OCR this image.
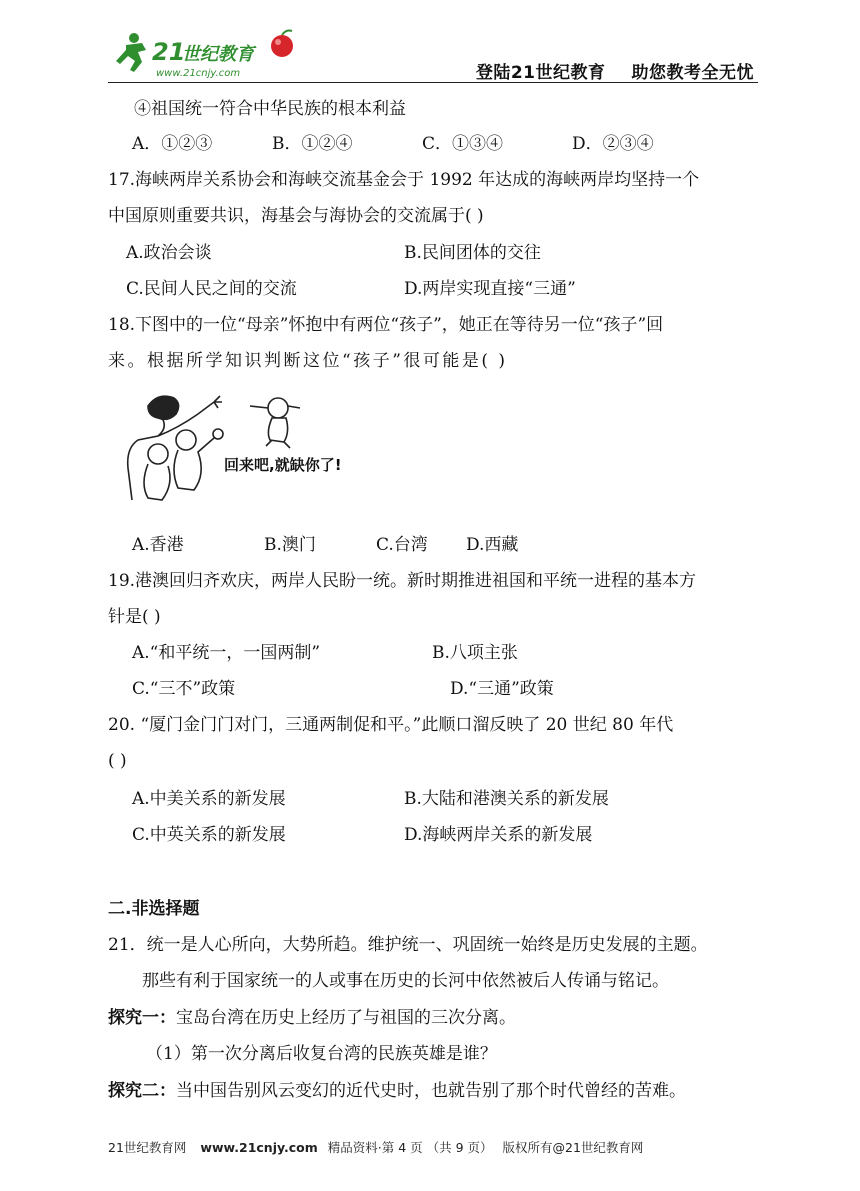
21
世纪教育
www.21cnjy.com	登陆21世纪教育 助您教考全无忧
④祖国统一符合中华民族的根本利益
A．①②③	B．①②④	C．①③④	D．②③④
17.海峡两岸关系协会和海峡交流基金会于 1992 年达成的海峡两岸均坚持一个
中国原则重要共识，海基会与海协会的交流属于( )
A.政治会谈	B.民间团体的交往
C.民间人民之间的交流	D.两岸实现直接“三通”
18.下图中的一位“母亲”怀抱中有两位“孩子”，她正在等待另一位“孩子”回
来。根据所学知识判断这位“孩子”很可能是( )
回来吧,就缺你了!
A.香港	B.澳门	C.台湾 D.西藏
19.港澳回归齐欢庆，两岸人民盼一统。新时期推进祖国和平统一进程的基本方
针是( )
A.“和平统一，一国两制”	B.八项主张
C.“三不”政策	D.“三通”政策
20. “厦门金门门对门，三通两制促和平。”此顺口溜反映了 20 世纪 80 年代
( )
A.中美关系的新发展	B.大陆和港澳关系的新发展
C.中英关系的新发展	D.海峡两岸关系的新发展
二.非选择题
21．统一是人心所向，大势所趋。维护统一、巩固统一始终是历史发展的主题。
那些有利于国家统一的人或事在历史的长河中依然被后人传诵与铭记。
探究一：宝岛台湾在历史上经历了与祖国的三次分离。
（1）第一次分离后收复台湾的民族英雄是谁？
探究二：当中国告别风云变幻的近代史时，也就告别了那个时代曾经的苦难。
21世纪教育网 www.21cnjy.com 精品资料·第 4 页 （共 9 页） 版权所有@21世纪教育网
